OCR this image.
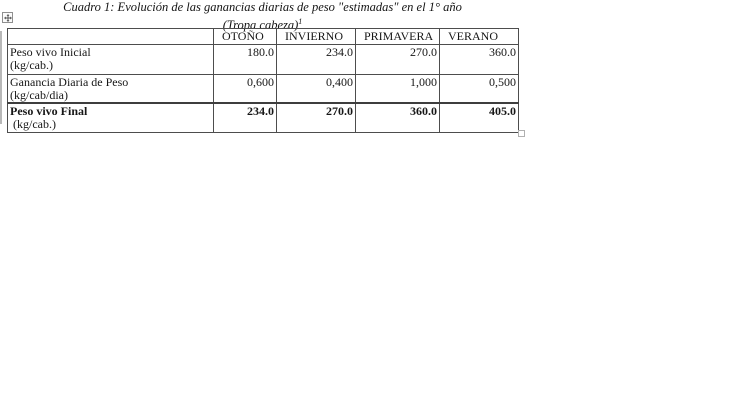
Cuadro 1: Evolución de las ganancias diarias de peso "estimadas" en el 1° año
(Tropa cabeza)$^1$
	OTOÑO	INVIERNO	PRIMAVERA	VERANO

Peso vivo Inicial
(kg/cab.)	180.0	234.0	270.0	360.0

Ganancia Diaria de Peso
(kg/cab/dia)	0,600	0,400	1,000	0,500

Peso vivo Final
(kg/cab.)	234.0	270.0	360.0	405.0
